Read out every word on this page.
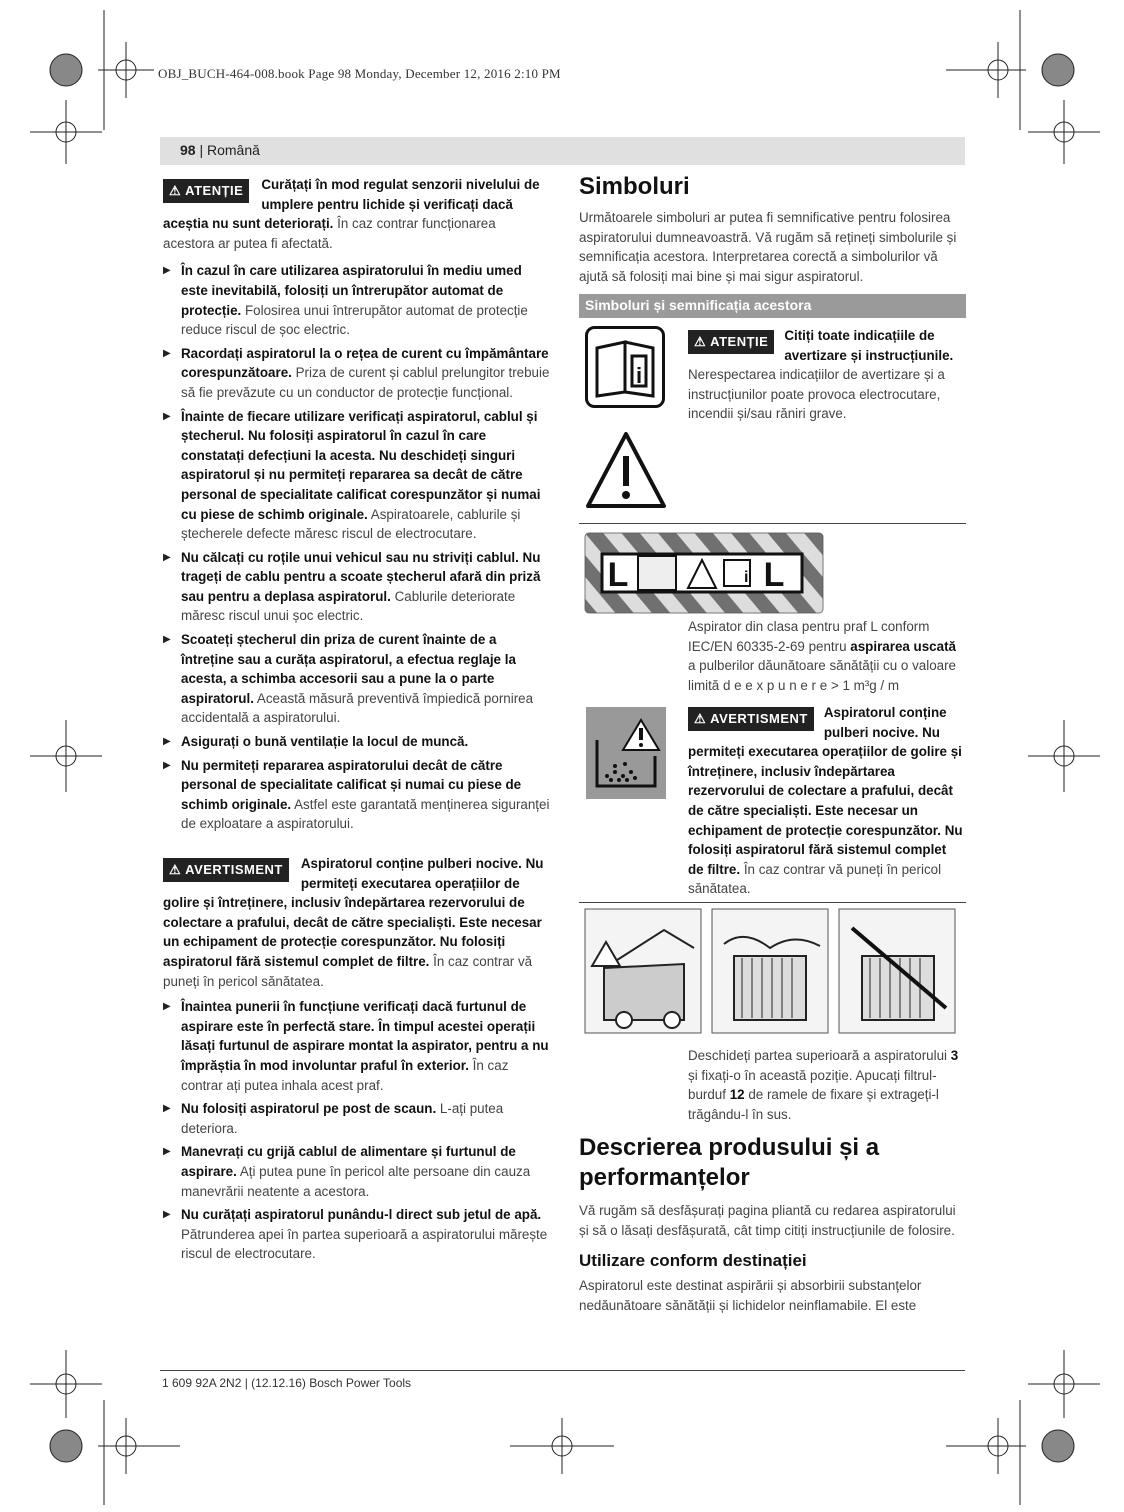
OBJ_BUCH-464-008.book Page 98 Monday, December 12, 2016 2:10 PM
98 | Română

⚠ ATENȚIE	Curățați în mod regulat senzorii nivelului de umplere pentru lichide și verificați dacă aceștia nu sunt deteriorați. În caz contrar funcționarea acestora ar putea fi afectată.

▶ În cazul în care utilizarea aspiratorului în mediu umed este inevitabilă, folosiți un întrerupător automat de protecție. Folosirea unui întrerupător automat de protecție reduce riscul de șoc electric.

▶ Racordați aspiratorul la o rețea de curent cu împământare corespunzătoare. Priza de curent și cablul prelungitor trebuie să fie prevăzute cu un conductor de protecție funcțional.

▶ Înainte de fiecare utilizare verificați aspiratorul, cablul și ștecherul. Nu folosiți aspiratorul în cazul în care constatați defecțiuni la acesta. Nu deschideți singuri aspiratorul și nu permiteți repararea sa decât de către personal de specialitate calificat corespunzător și numai cu piese de schimb originale. Aspiratoarele, cablurile și ștecherele defecte măresc riscul de electrocutare.

▶ Nu călcați cu roțile unui vehicul sau nu striviți cablul. Nu trageți de cablu pentru a scoate ștecherul afară din priză sau pentru a deplasa aspiratorul. Cablurile deteriorate măresc riscul unui șoc electric.

▶ Scoateți ștecherul din priza de curent înainte de a întreține sau a curăța aspiratorul, a efectua reglaje la acesta, a schimba accesorii sau a pune la o parte aspiratorul. Această măsură preventivă împiedică pornirea accidentală a aspiratorului.

▶ Asigurați o bună ventilație la locul de muncă.

▶ Nu permiteți repararea aspiratorului decât de către personal de specialitate calificat și numai cu piese de schimb originale. Astfel este garantată menținerea siguranței de exploatare a aspiratorului.

⚠ AVERTISMENT	Aspiratorul conține pulberi nocive. Nu permiteți executarea operațiilor de golire și întreținere, inclusiv îndepărtarea rezervorului de colectare a prafului, decât de către specialiști. Este necesar un echipament de protecție corespunzător. Nu folosiți aspiratorul fără sistemul complet de filtre. În caz contrar vă puneți în pericol sănătatea.

▶ Înaintea punerii în funcțiune verificați dacă furtunul de aspirare este în perfectă stare. În timpul acestei operații lăsați furtunul de aspirare montat la aspirator, pentru a nu împrăștia în mod involuntar praful în exterior. În caz contrar ați putea inhala acest praf.

▶ Nu folosiți aspiratorul pe post de scaun. L-ați putea deteriora.

▶ Manevrați cu grijă cablul de alimentare și furtunul de aspirare. Ați putea pune în pericol alte persoane din cauza manevrării neatente a acestora.

▶ Nu curățați aspiratorul punându-l direct sub jetul de apă. Pătrunderea apei în partea superioară a aspiratorului mărește riscul de electrocutare.

Simboluri

Următoarele simboluri ar putea fi semnificative pentru folosirea aspiratorului dumneavoastră. Vă rugăm să rețineți simbolurile și semnificația acestora. Interpretarea corectă a simbolurilor vă ajută să folosiți mai bine și mai sigur aspiratorul.

Simboluri și semnificația acestora
i

⚠ ATENȚIE	Citiți toate indicațiile de avertizare și instrucțiunile. Nerespectarea indicațiilor de avertizare și a instrucțiunilor poate provoca electrocutare, incendii și/sau răniri grave.

L	i L

Aspirator din clasa pentru praf L conform IEC/EN 60335-2-69 pentru aspirarea uscată a pulberilor dăunătoare sănătății cu o valoare limită d e e x p u n e r e > 1 m³g / m

⚠ AVERTISMENT	Aspiratorul conține pulberi nocive. Nu permiteți executarea operațiilor de golire și întreținere, inclusiv îndepărtarea rezervorului de colectare a prafului, decât de către specialiști. Este necesar un echipament de protecție corespunzător. Nu folosiți aspiratorul fără sistemul complet de filtre. În caz contrar vă puneți în pericol sănătatea.

Deschideți partea superioară a aspiratorului 3 și fixați-o în această poziție. Apucați filtrul-burduf 12 de ramele de fixare și extrageți-l trăgându-l în sus.

Descrierea produsului și a performanțelor

Vă rugăm să desfășurați pagina pliantă cu redarea aspiratorului și să o lăsați desfășurată, cât timp citiți instrucțiunile de folosire.

Utilizare conform destinației

Aspiratorul este destinat aspirării și absorbirii substanțelor nedăunătoare sănătății și lichidelor neinflamabile. El este

1 609 92A 2N2 | (12.12.16) Bosch Power Tools
